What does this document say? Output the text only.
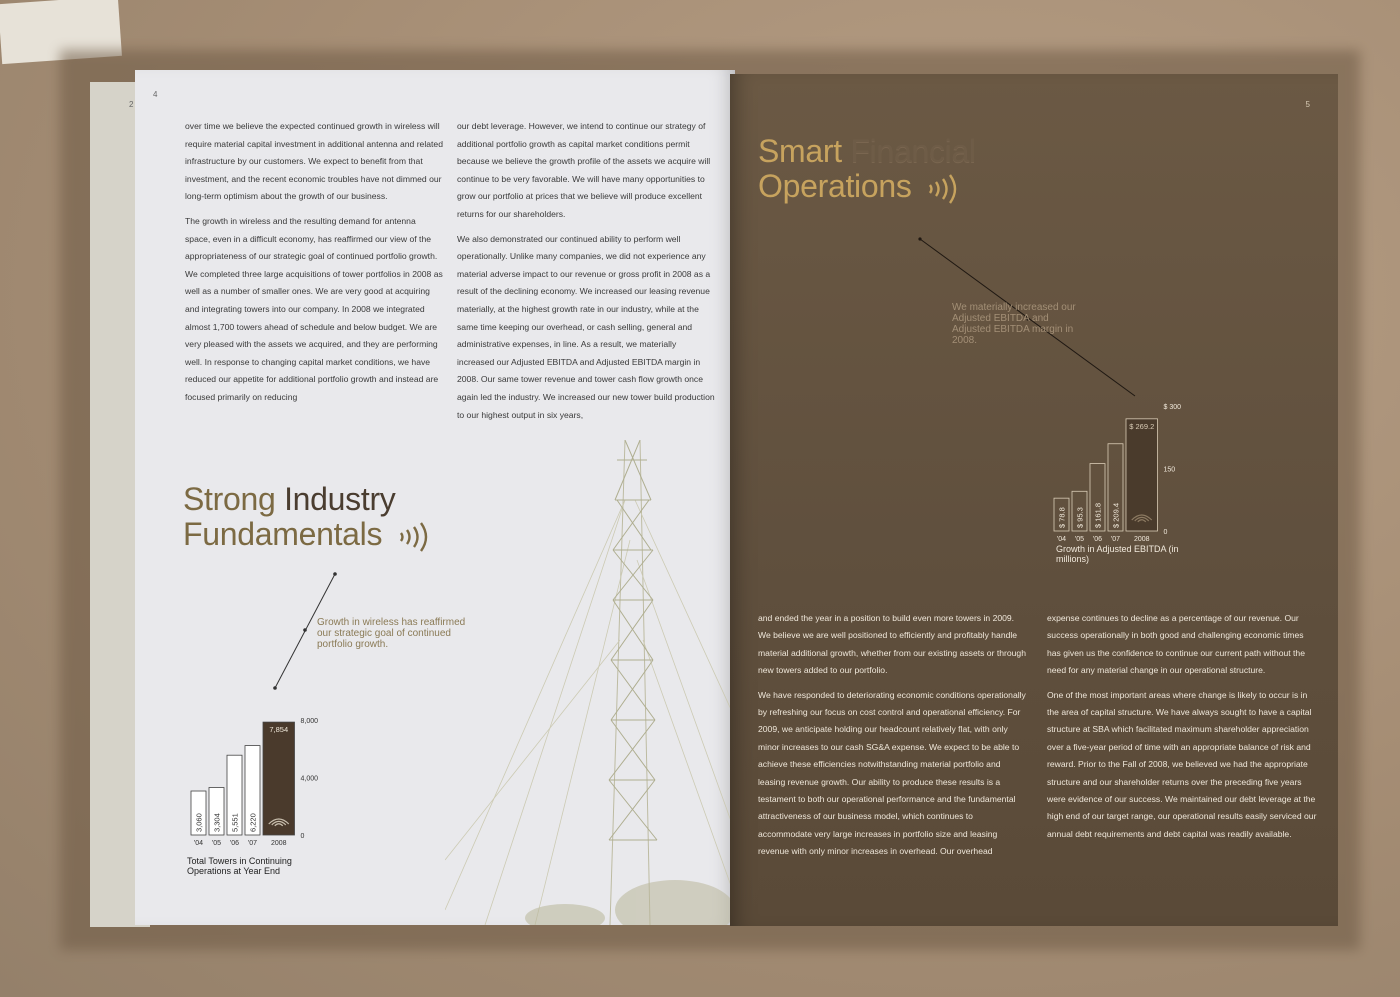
2
4

over time we believe the expected continued growth in wireless will require material capital investment in additional antenna and related infrastructure by our customers. We expect to benefit from that investment, and the recent economic troubles have not dimmed our long-term optimism about the growth of our business.

The growth in wireless and the resulting demand for antenna space, even in a difficult economy, has reaffirmed our view of the appropriateness of our strategic goal of continued portfolio growth. We completed three large acquisitions of tower portfolios in 2008 as well as a number of smaller ones. We are very good at acquiring and integrating towers into our company. In 2008 we integrated almost 1,700 towers ahead of schedule and below budget. We are very pleased with the assets we acquired, and they are performing well. In response to changing capital market conditions, we have reduced our appetite for additional portfolio growth and instead are focused primarily on reducing

our debt leverage. However, we intend to continue our strategy of additional portfolio growth as capital market conditions permit because we believe the growth profile of the assets we acquire will continue to be very favorable. We will have many opportunities to grow our portfolio at prices that we believe will produce excellent returns for our shareholders.

We also demonstrated our continued ability to perform well operationally. Unlike many companies, we did not experience any material adverse impact to our revenue or gross profit in 2008 as a result of the declining economy. We increased our leasing revenue materially, at the highest growth rate in our industry, while at the same time keeping our overhead, or cash selling, general and administrative expenses, in line. As a result, we materially increased our Adjusted EBITDA and Adjusted EBITDA margin in 2008. Our same tower revenue and tower cash flow growth once again led the industry. We increased our new tower build production to our highest output in six years,

Strong Industry
Fundamentals
Growth in wireless has reaffirmed our strategic goal of continued portfolio growth.
3,060
'04
3,304
'05
5,551
'06
6,220
'07
7,854
2008
8,000
4,000
0
Total Towers in Continuing Operations at Year End
5
Smart Financial
Operations
We materially increased our Adjusted EBITDA and Adjusted EBITDA margin in 2008.
$ 78.8
'04
$ 95.3
'05
$ 161.8
'06
$ 209.4
'07
$ 269.2
2008
$ 300
150
0
Growth in Adjusted EBITDA (in millions)

and ended the year in a position to build even more towers in 2009. We believe we are well positioned to efficiently and profitably handle material additional growth, whether from our existing assets or through new towers added to our portfolio.

We have responded to deteriorating economic conditions operationally by refreshing our focus on cost control and operational efficiency. For 2009, we anticipate holding our headcount relatively flat, with only minor increases to our cash SG&A expense. We expect to be able to achieve these efficiencies notwithstanding material portfolio and leasing revenue growth. Our ability to produce these results is a testament to both our operational performance and the fundamental attractiveness of our business model, which continues to accommodate very large increases in portfolio size and leasing revenue with only minor increases in overhead. Our overhead

expense continues to decline as a percentage of our revenue. Our success operationally in both good and challenging economic times has given us the confidence to continue our current path without the need for any material change in our operational structure.

One of the most important areas where change is likely to occur is in the area of capital structure. We have always sought to have a capital structure at SBA which facilitated maximum shareholder appreciation over a five-year period of time with an appropriate balance of risk and reward. Prior to the Fall of 2008, we believed we had the appropriate structure and our shareholder returns over the preceding five years were evidence of our success. We maintained our debt leverage at the high end of our target range, our operational results easily serviced our annual debt requirements and debt capital was readily available.
